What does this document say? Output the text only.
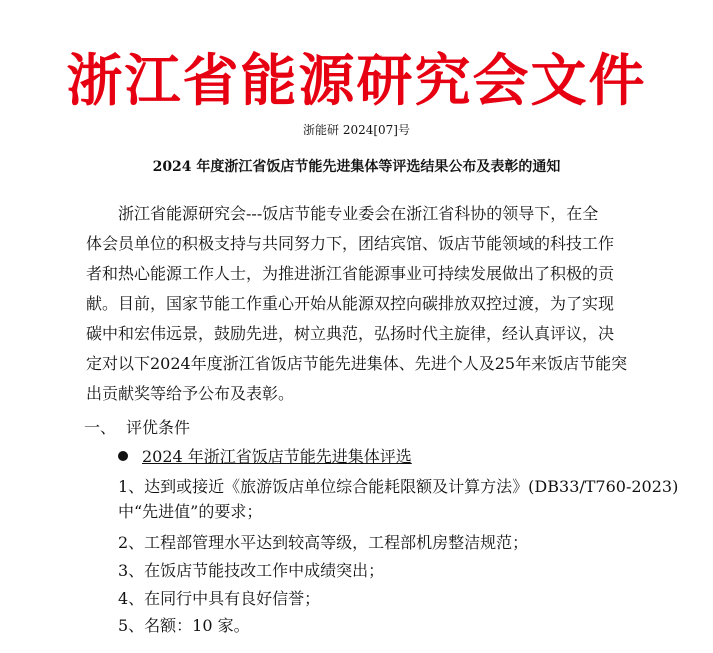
浙江省能源研究会文件
浙能研 2024[07]号
2024 年度浙江省饭店节能先进集体等评选结果公布及表彰的通知
　　浙江省能源研究会---饭店节能专业委会在浙江省科协的领导下，在全
体会员单位的积极支持与共同努力下，团结宾馆、饭店节能领域的科技工作
者和热心能源工作人士，为推进浙江省能源事业可持续发展做出了积极的贡
献。目前，国家节能工作重心开始从能源双控向碳排放双控过渡，为了实现
碳中和宏伟远景，鼓励先进，树立典范，弘扬时代主旋律，经认真评议，决
定对以下2024年度浙江省饭店节能先进集体、先进个人及25年来饭店节能突
出贡献奖等给予公布及表彰。
一、 评优条件
2024 年浙江省饭店节能先进集体评选
1、达到或接近《旅游饭店单位综合能耗限额及计算方法》(DB33/T760-2023)
中“先进值”的要求；
2、工程部管理水平达到较高等级，工程部机房整洁规范；
3、在饭店节能技改工作中成绩突出；
4、在同行中具有良好信誉；
5、名额：10 家。
